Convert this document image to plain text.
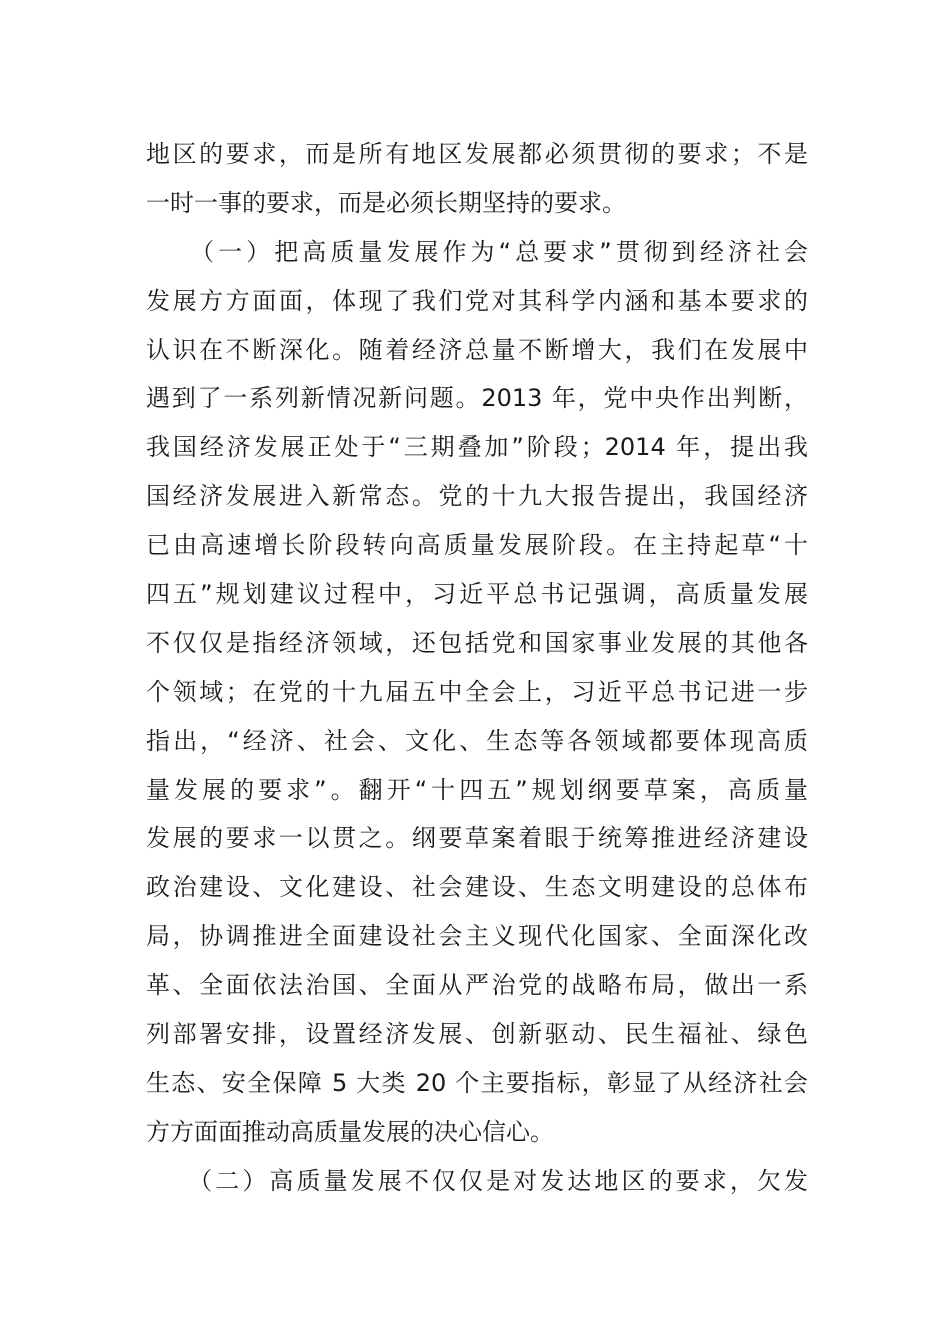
地区的要求，而是所有地区发展都必须贯彻的要求；不是
一时一事的要求，而是必须长期坚持的要求。
　　（一）把高质量发展作为“总要求”贯彻到经济社会
发展方方面面，体现了我们党对其科学内涵和基本要求的
认识在不断深化。随着经济总量不断增大，我们在发展中
遇到了一系列新情况新问题。2013 年，党中央作出判断，
我国经济发展正处于“三期叠加”阶段；2014 年，提出我
国经济发展进入新常态。党的十九大报告提出，我国经济
已由高速增长阶段转向高质量发展阶段。在主持起草“十
四五”规划建议过程中，习近平总书记强调，高质量发展
不仅仅是指经济领域，还包括党和国家事业发展的其他各
个领域；在党的十九届五中全会上，习近平总书记进一步
指出，“经济、社会、文化、生态等各领域都要体现高质
量发展的要求”。翻开“十四五”规划纲要草案，高质量
发展的要求一以贯之。纲要草案着眼于统筹推进经济建设
政治建设、文化建设、社会建设、生态文明建设的总体布
局，协调推进全面建设社会主义现代化国家、全面深化改
革、全面依法治国、全面从严治党的战略布局，做出一系
列部署安排，设置经济发展、创新驱动、民生福祉、绿色
生态、安全保障 5 大类 20 个主要指标，彰显了从经济社会
方方面面推动高质量发展的决心信心。
　　（二）高质量发展不仅仅是对发达地区的要求，欠发
